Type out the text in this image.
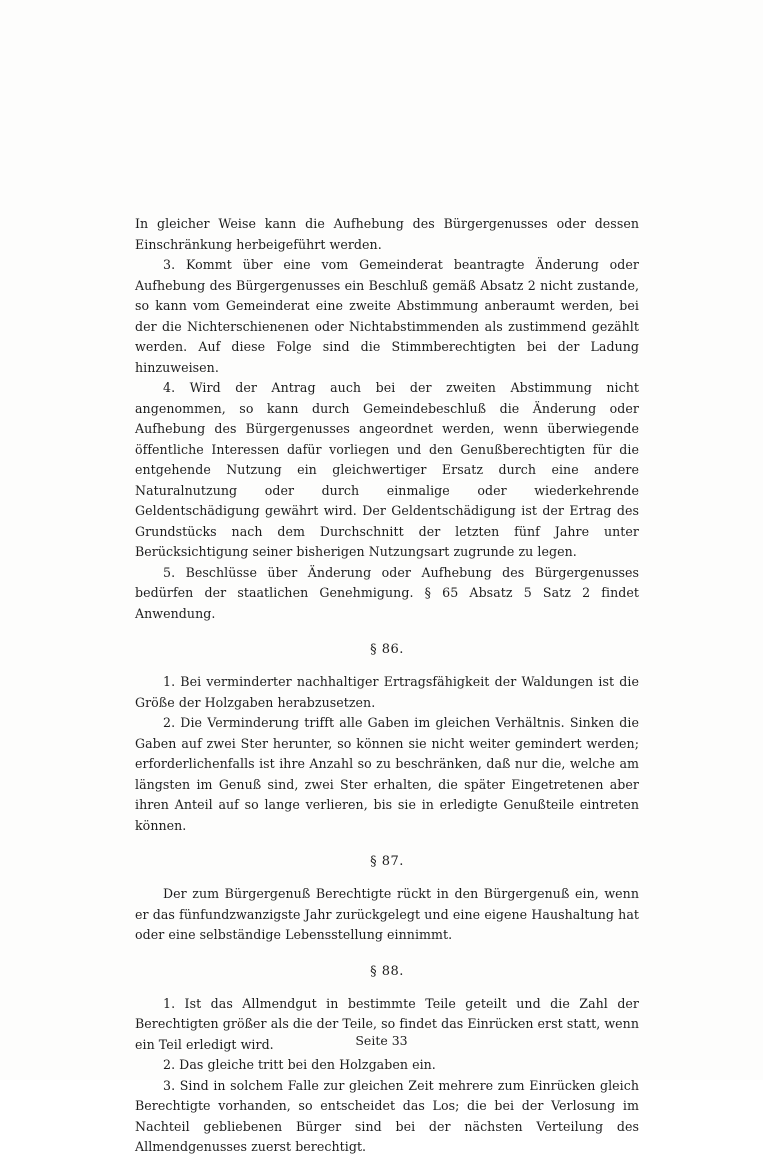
In gleicher Weise kann die Aufhebung des Bürgergenusses oder dessen Einschränkung herbeigeführt werden.

3. Kommt über eine vom Gemeinderat beantragte Änderung oder Aufhebung des Bürgergenusses ein Beschluß gemäß Absatz 2 nicht zustande, so kann vom Gemeinderat eine zweite Abstimmung anberaumt werden, bei der die Nichterschienenen oder Nichtabstimmenden als zustimmend gezählt werden. Auf diese Folge sind die Stimmberechtigten bei der Ladung hinzuweisen.

4. Wird der Antrag auch bei der zweiten Abstimmung nicht angenommen, so kann durch Gemeindebeschluß die Änderung oder Aufhebung des Bürgergenusses angeordnet werden, wenn überwiegende öffentliche Interessen dafür vorliegen und den Genußberechtigten für die entgehende Nutzung ein gleichwertiger Ersatz durch eine andere Naturalnutzung oder durch einmalige oder wiederkehrende Geldentschädigung gewährt wird. Der Geldentschädigung ist der Ertrag des Grundstücks nach dem Durchschnitt der letzten fünf Jahre unter Berücksichtigung seiner bisherigen Nutzungsart zugrunde zu legen.

5. Beschlüsse über Änderung oder Aufhebung des Bürgergenusses bedürfen der staatlichen Genehmigung. § 65 Absatz 5 Satz 2 findet Anwendung.

§ 86.

1. Bei verminderter nachhaltiger Ertragsfähigkeit der Waldungen ist die Größe der Holzgaben herabzusetzen.

2. Die Verminderung trifft alle Gaben im gleichen Verhältnis. Sinken die Gaben auf zwei Ster herunter, so können sie nicht weiter gemindert werden; erforderlichenfalls ist ihre Anzahl so zu beschränken, daß nur die, welche am längsten im Genuß sind, zwei Ster erhalten, die später Eingetretenen aber ihren Anteil auf so lange verlieren, bis sie in erledigte Genußteile eintreten können.

§ 87.

Der zum Bürgergenuß Berechtigte rückt in den Bürgergenuß ein, wenn er das fünfundzwanzigste Jahr zurückgelegt und eine eigene Haushaltung hat oder eine selbständige Lebensstellung einnimmt.

§ 88.

1. Ist das Allmendgut in bestimmte Teile geteilt und die Zahl der Berechtigten größer als die der Teile, so findet das Einrücken erst statt, wenn ein Teil erledigt wird.

2. Das gleiche tritt bei den Holzgaben ein.

3. Sind in solchem Falle zur gleichen Zeit mehrere zum Einrücken gleich Berechtigte vorhanden, so entscheidet das Los; die bei der Verlosung im Nachteil gebliebenen Bürger sind bei der nächsten Verteilung des Allmendgenusses zuerst berechtigt.

Seite 33
